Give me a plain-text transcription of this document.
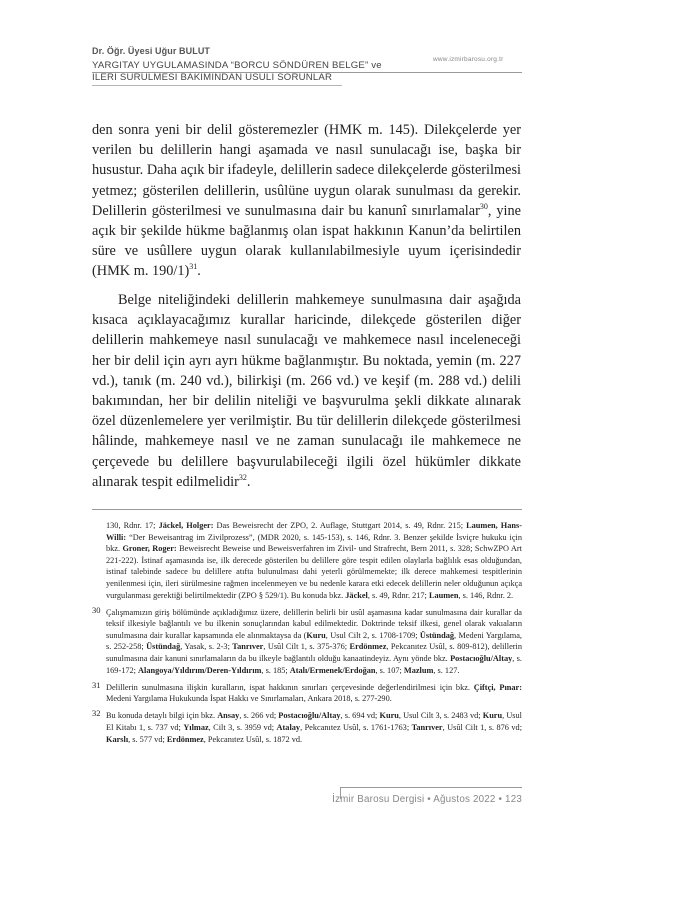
Dr. Öğr. Üyesi Uğur BULUT
YARGITAY UYGULAMASINDA “BORCU SÖNDÜREN BELGE” ve
İLERİ SÜRÜLMESİ BAKIMINDAN USULÎ SORUNLAR
www.izmirbarosu.org.tr

den sonra yeni bir delil gösteremezler (HMK m. 145). Dilekçelerde yer verilen bu delillerin hangi aşamada ve nasıl sunulacağı ise, başka bir husustur. Daha açık bir ifadeyle, delillerin sadece dilekçelerde gösterilmesi yetmez; gösterilen delillerin, usûlüne uygun olarak sunulması da gerekir. Delillerin gösterilmesi ve sunulmasına dair bu kanunî sınırlamalar$^{30}$, yine açık bir şekilde hükme bağlanmış olan ispat hakkının Kanun’da belirtilen süre ve usûllere uygun olarak kullanılabilmesiyle uyum içerisindedir (HMK m. 190/1)$^{31}$.

Belge niteliğindeki delillerin mahkemeye sunulmasına dair aşağıda kısaca açıklayacağımız kurallar haricinde, dilekçede gösterilen diğer delillerin mahkemeye nasıl sunulacağı ve mahkemece nasıl inceleneceği her bir delil için ayrı ayrı hükme bağlanmıştır. Bu noktada, yemin (m. 227 vd.), tanık (m. 240 vd.), bilirkişi (m. 266 vd.) ve keşif (m. 288 vd.) delili bakımından, her bir delilin niteliği ve başvurulma şekli dikkate alınarak özel düzenlemelere yer verilmiştir. Bu tür delillerin dilekçede gösterilmesi hâlinde, mahkemeye nasıl ve ne zaman sunulacağı ile mahkemece ne çerçevede bu delillere başvurulabileceği ilgili özel hükümler dikkate alınarak tespit edilmelidir$^{32}$.

130, Rdnr. 17; Jäckel, Holger: Das Beweisrecht der ZPO, 2. Auflage, Stuttgart 2014, s. 49, Rdnr. 215; Laumen, Hans-Willi: “Der Beweisantrag im Zivilprozess”, (MDR 2020, s. 145-153), s. 146, Rdnr. 3. Benzer şekilde İsviçre hukuku için bkz. Groner, Roger: Beweisrecht Beweise und Beweisverfahren im Zivil- und Strafrecht, Bern 2011, s. 328; SchwZPO Art 221-222). İstinaf aşamasında ise, ilk derecede gösterilen bu delillere göre tespit edilen olaylarla bağlılık esas olduğundan, istinaf talebinde sadece bu delillere atıfta bulunulması dahi yeterli görülmemekte; ilk derece mahkemesi tespitlerinin yenilenmesi için, ileri sürülmesine rağmen incelenmeyen ve bu nedenle karara etki edecek delillerin neler olduğunun açıkça vurgulanması gerektiği belirtilmektedir (ZPO § 529/1). Bu konuda bkz. Jäckel, s. 49, Rdnr. 217; Laumen, s. 146, Rdnr. 2.
30 Çalışmamızın giriş bölümünde açıkladığımız üzere, delillerin belirli bir usûl aşamasına kadar sunulmasına dair kurallar da teksif ilkesiyle bağlantılı ve bu ilkenin sonuçlarından kabul edilmektedir. Doktrinde teksif ilkesi, genel olarak vakıaların sunulmasına dair kurallar kapsamında ele alınmaktaysa da (Kuru, Usul Cilt 2, s. 1708-1709; Üstündağ, Medeni Yargılama, s. 252-258; Üstündağ, Yasak, s. 2-3; Tanrıver, Usûl Cilt 1, s. 375-376; Erdönmez, Pekcanıtez Usûl, s. 809-812), delillerin sunulmasına dair kanuni sınırlamaların da bu ilkeyle bağlantılı olduğu kanaatindeyiz. Aynı yönde bkz. Postacıoğlu/Altay, s. 169-172; Alangoya/Yıldırım/Deren-Yıldırım, s. 185; Atalı/Ermenek/Erdoğan, s. 107; Mazlum, s. 127.
31 Delillerin sunulmasına ilişkin kuralların, ispat hakkının sınırları çerçevesinde değerlendirilmesi için bkz. Çiftçi, Pınar: Medeni Yargılama Hukukunda İspat Hakkı ve Sınırlamaları, Ankara 2018, s. 277-290.
32 Bu konuda detaylı bilgi için bkz. Ansay, s. 266 vd; Postacıoğlu/Altay, s. 694 vd; Kuru, Usul Cilt 3, s. 2483 vd; Kuru, Usul El Kitabı 1, s. 737 vd; Yılmaz, Cilt 3, s. 3959 vd; Atalay, Pekcanıtez Usûl, s. 1761-1763; Tanrıver, Usûl Cilt 1, s. 876 vd; Karslı, s. 577 vd; Erdönmez, Pekcanıtez Usûl, s. 1872 vd.
İzmir Barosu Dergisi • Ağustos 2022 • 123
